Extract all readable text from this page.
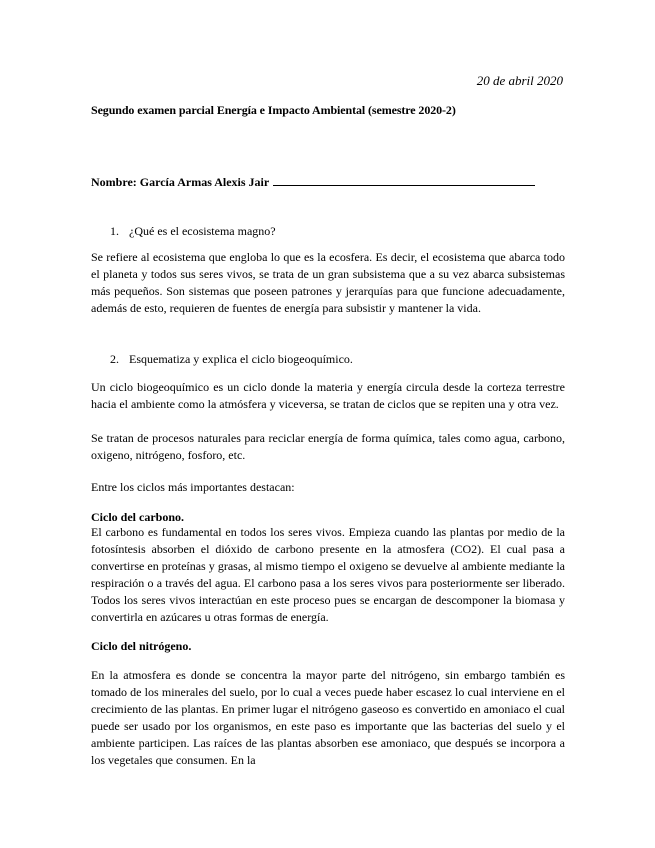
20 de abril 2020
Segundo examen parcial Energía e Impacto Ambiental (semestre 2020-2)
Nombre: García Armas Alexis Jair
1. ¿Qué es el ecosistema magno?

Se refiere al ecosistema que engloba lo que es la ecosfera. Es decir, el ecosistema que abarca todo el planeta y todos sus seres vivos, se trata de un gran subsistema que a su vez abarca subsistemas más pequeños. Son sistemas que poseen patrones y jerarquías para que funcione adecuadamente, además de esto, requieren de fuentes de energía para subsistir y mantener la vida.

2. Esquematiza y explica el ciclo biogeoquímico.

Un ciclo biogeoquímico es un ciclo donde la materia y energía circula desde la corteza terrestre hacia el ambiente como la atmósfera y viceversa, se tratan de ciclos que se repiten una y otra vez.

Se tratan de procesos naturales para reciclar energía de forma química, tales como agua, carbono, oxigeno, nitrógeno, fosforo, etc.

Entre los ciclos más importantes destacan:

Ciclo del carbono.

El carbono es fundamental en todos los seres vivos. Empieza cuando las plantas por medio de la fotosíntesis absorben el dióxido de carbono presente en la atmosfera (CO2). El cual pasa a convertirse en proteínas y grasas, al mismo tiempo el oxigeno se devuelve al ambiente mediante la respiración o a través del agua. El carbono pasa a los seres vivos para posteriormente ser liberado. Todos los seres vivos interactúan en este proceso pues se encargan de descomponer la biomasa y convertirla en azúcares u otras formas de energía.

Ciclo del nitrógeno.

En la atmosfera es donde se concentra la mayor parte del nitrógeno, sin embargo también es tomado de los minerales del suelo, por lo cual a veces puede haber escasez lo cual interviene en el crecimiento de las plantas. En primer lugar el nitrógeno gaseoso es convertido en amoniaco el cual puede ser usado por los organismos, en este paso es importante que las bacterias del suelo y el ambiente participen. Las raíces de las plantas absorben ese amoniaco, que después se incorpora a los vegetales que consumen. En la
